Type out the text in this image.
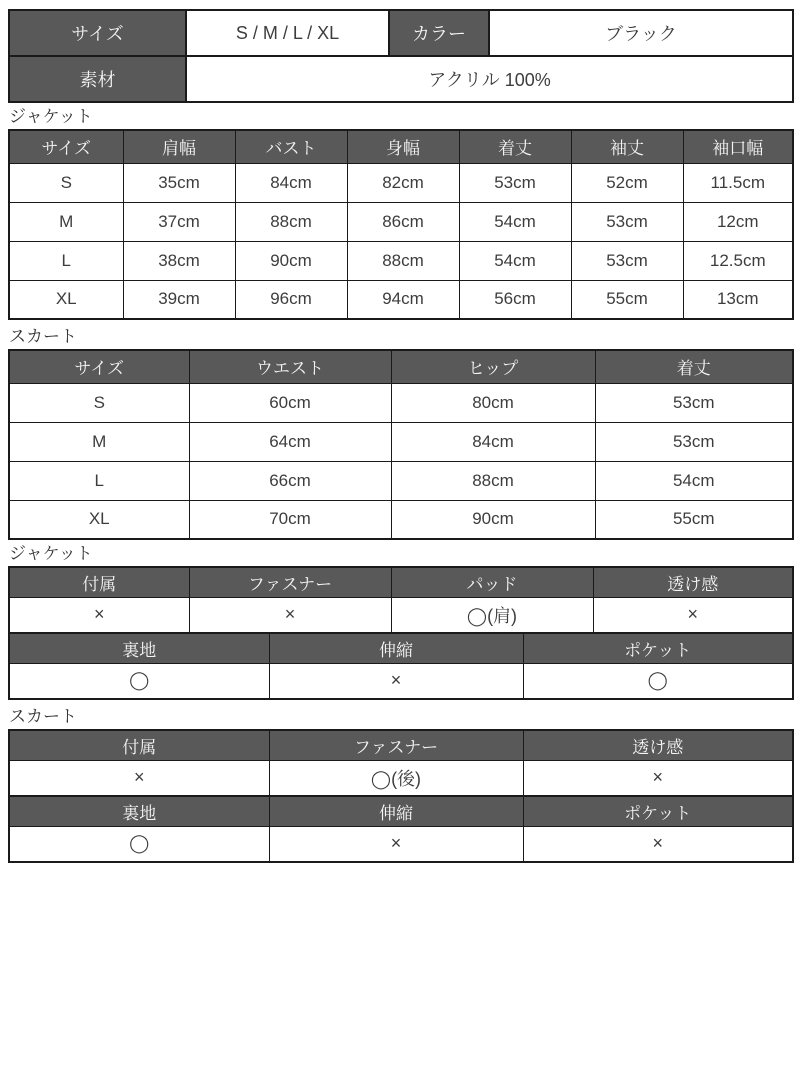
サイズ	S / M / L / XL	カラー	ブラック
素材	アクリル 100%		
ジャケット
サイズ	肩幅	バスト	身幅	着丈	袖丈	袖口幅
S	35cm	84cm	82cm	53cm	52cm	11.5cm
M	37cm	88cm	86cm	54cm	53cm	12cm
L	38cm	90cm	88cm	54cm	53cm	12.5cm
XL	39cm	96cm	94cm	56cm	55cm	13cm
スカート
サイズ	ウエスト	ヒップ	着丈
S	60cm	80cm	53cm
M	64cm	84cm	53cm
L	66cm	88cm	54cm
XL	70cm	90cm	55cm
ジャケット
付属	ファスナー	パッド	透け感
×	×	◯(肩)	×
裏地	伸縮	ポケット
◯	×	◯
スカート
付属	ファスナー	透け感
×	◯(後)	×
裏地	伸縮	ポケット
◯	×	×
